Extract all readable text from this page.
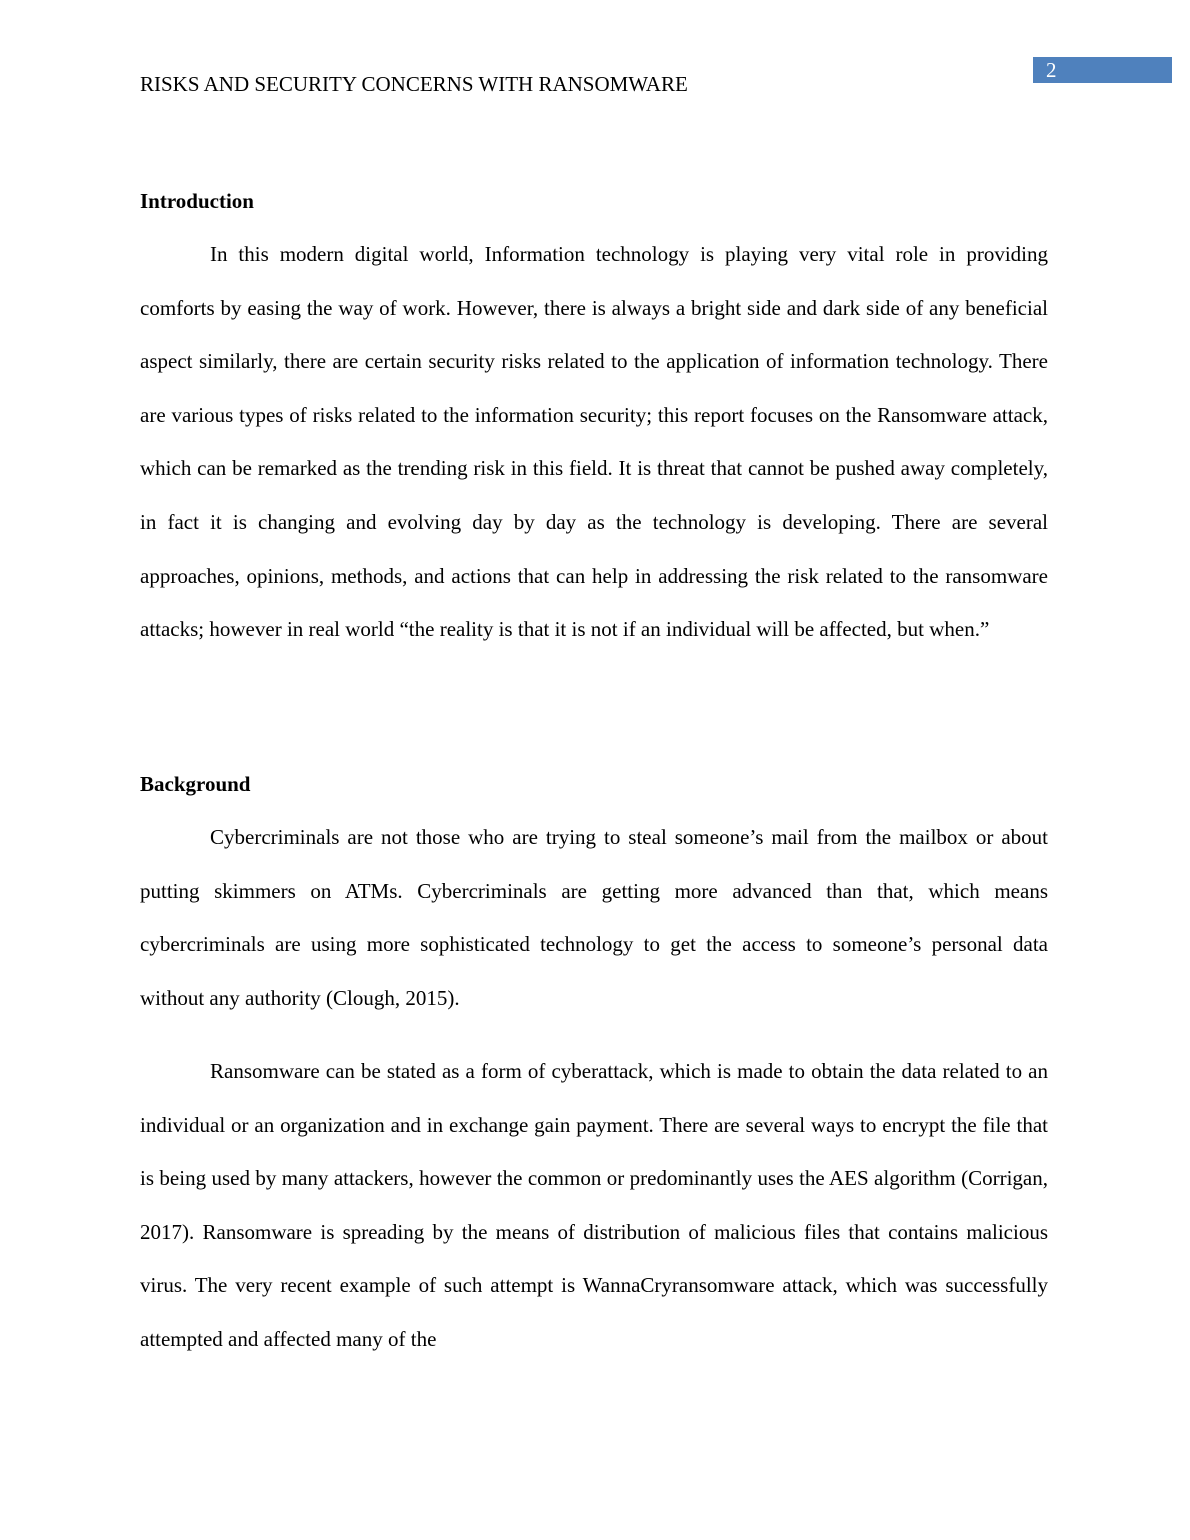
2
RISKS AND SECURITY CONCERNS WITH RANSOMWARE
Introduction

In this modern digital world, Information technology is playing very vital role in providing comforts by easing the way of work. However, there is always a bright side and dark side of any beneficial aspect similarly, there are certain security risks related to the application of information technology. There are various types of risks related to the information security; this report focuses on the Ransomware attack, which can be remarked as the trending risk in this field. It is threat that cannot be pushed away completely, in fact it is changing and evolving day by day as the technology is developing. There are several approaches, opinions, methods, and actions that can help in addressing the risk related to the ransomware attacks; however in real world “the reality is that it is not if an individual will be affected, but when.”

Background

Cybercriminals are not those who are trying to steal someone’s mail from the mailbox or about putting skimmers on ATMs. Cybercriminals are getting more advanced than that, which means cybercriminals are using more sophisticated technology to get the access to someone’s personal data without any authority (Clough, 2015).

Ransomware can be stated as a form of cyberattack, which is made to obtain the data related to an individual or an organization and in exchange gain payment. There are several ways to encrypt the file that is being used by many attackers, however the common or predominantly uses the AES algorithm (Corrigan, 2017). Ransomware is spreading by the means of distribution of malicious files that contains malicious virus. The very recent example of such attempt is WannaCryransomware attack, which was successfully attempted and affected many of the
